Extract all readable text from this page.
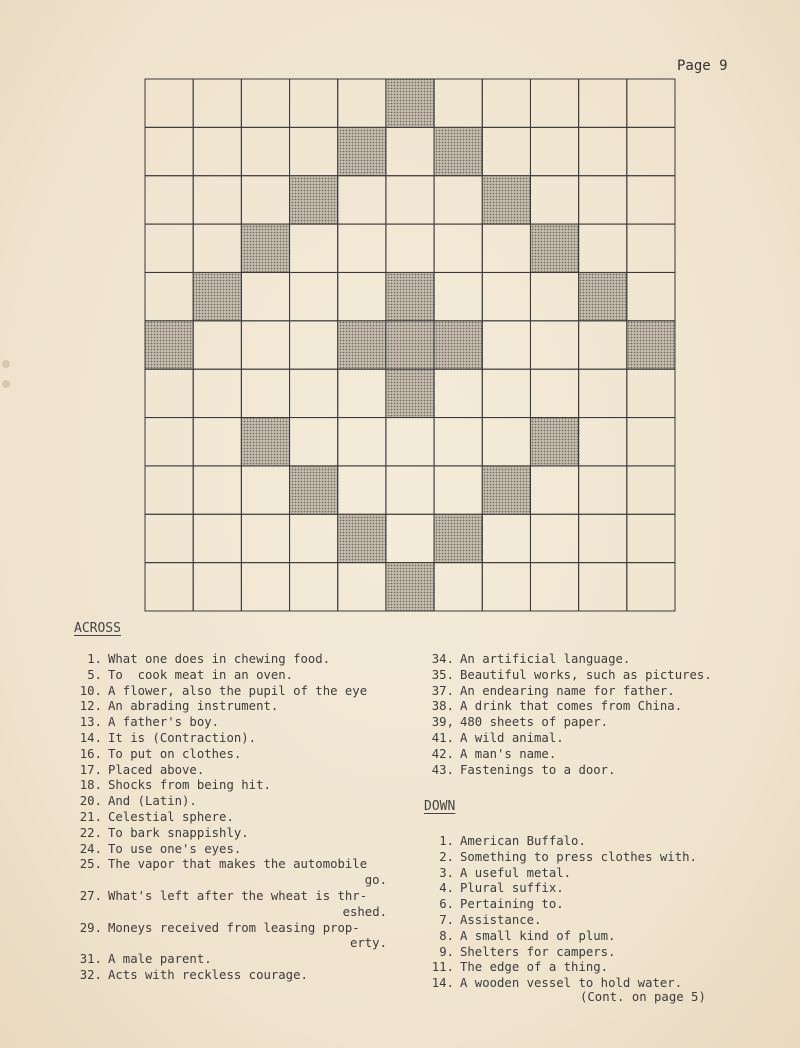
Page 9
ACROSS
1. What one does in chewing food.
5. To  cook meat in an oven.
10. A flower, also the pupil of the eye
12. An abrading instrument.
13. A father's boy.
14. It is (Contraction).
16. To put on clothes.
17. Placed above.
18. Shocks from being hit.
20. And (Latin).
21. Celestial sphere.
22. To bark snappishly.
24. To use one's eyes.
25. The vapor that makes the automobile
go.
27. What's left after the wheat is thr-
eshed.
29. Moneys received from leasing prop-
erty.
31. A male parent.
32. Acts with reckless courage.
34. An artificial language.
35. Beautiful works, such as pictures.
37. An endearing name for father.
38. A drink that comes from China.
39, 480 sheets of paper.
41. A wild animal.
42. A man's name.
43. Fastenings to a door.
DOWN
1. American Buffalo.
2. Something to press clothes with.
3. A useful metal.
4. Plural suffix.
6. Pertaining to.
7. Assistance.
8. A small kind of plum.
9. Shelters for campers.
11. The edge of a thing.
14. A wooden vessel to hold water.
(Cont. on page 5)
